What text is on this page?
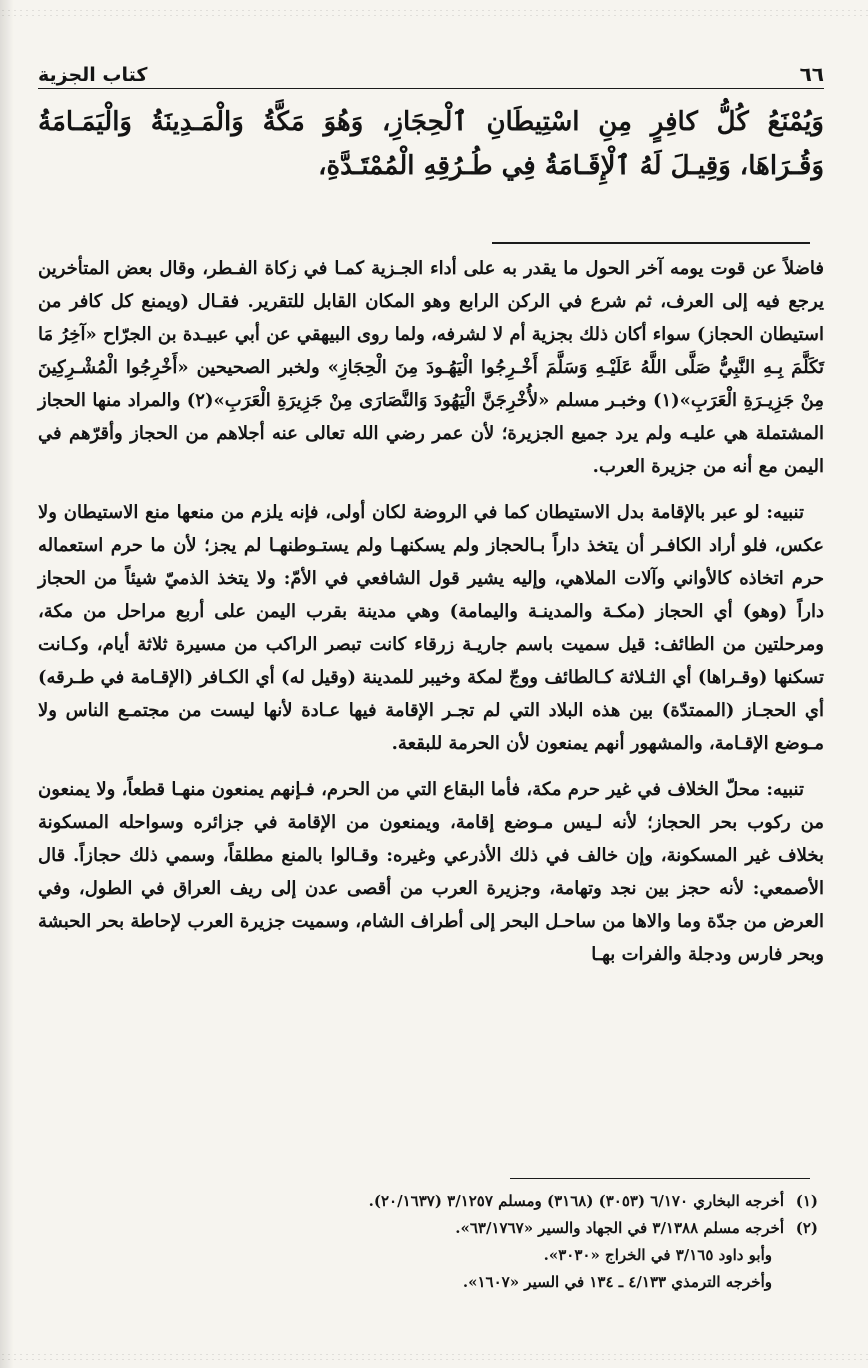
٦٦
كتاب الجزية
وَيُمْنَعُ كُلُّ كافِرٍ مِنِ اسْتِيطَانِ ٱلْحِجَازِ، وَهُوَ مَكَّةُ وَالْمَـدِينَةُ وَالْيَمَـامَةُ وَقُـرَاهَا، وَقِيـلَ لَهُ ٱلْإِقَـامَةُ فِي طُـرُقِهِ الْمُمْتَـدَّةِ،

فاضلاً عن قوت يومه آخر الحول ما يقدر به على أداء الجـزية كمـا في زكاة الفـطر، وقال بعض المتأخرين يرجع فيه إلى العرف، ثم شرع في الركن الرابع وهو المكان القابل للتقرير. فقـال (ويمنع كل كافر من استيطان الحجاز) سواء أكان ذلك بجزية أم لا لشرفه، ولما روى البيهقي عن أبي عبيـدة بن الجرّاح «آخِرُ مَا تَكَلَّمَ بِـهِ النَّبِيُّ صَلَّى اللَّهُ عَلَيْـهِ وَسَلَّمَ أَخْـرِجُوا الْيَهُـودَ مِنَ الْحِجَازِ» ولخبر الصحيحين «أَخْرِجُوا الْمُشْـرِكِينَ مِنْ جَزِيـرَةِ الْعَرَبِ»(١) وخبـر مسلم «لأُخْرِجَنَّ الْيَهُودَ وَالنَّصَارَى مِنْ جَزِيرَةِ الْعَرَبِ»(٢) والمراد منها الحجاز المشتملة هي عليـه ولم يرد جميع الجزيرة؛ لأن عمر رضي الله تعالى عنه أجلاهم من الحجاز وأقرّهم في اليمن مع أنه من جزيرة العرب.

تنبيه: لو عبر بالإقامة بدل الاستيطان كما في الروضة لكان أولى، فإنه يلزم من منعها منع الاستيطان ولا عكس، فلو أراد الكافـر أن يتخذ داراً بـالحجاز ولم يسكنهـا ولم يستـوطنهـا لم يجز؛ لأن ما حرم استعماله حرم اتخاذه كالأواني وآلات الملاهي، وإليه يشير قول الشافعي في الأمّ: ولا يتخذ الذميّ شيئاً من الحجاز داراً (وهو) أي الحجاز (مكـة والمدينـة واليمامة) وهي مدينة بقرب اليمن على أربع مراحل من مكة، ومرحلتين من الطائف: قيل سميت باسم جاريـة زرقاء كانت تبصر الراكب من مسيرة ثلاثة أيام، وكـانت تسكنها (وقـراها) أي الثـلاثة كـالطائف ووجّ لمكة وخيبر للمدينة (وقيل له) أي الكـافر (الإقـامة في طـرقه) أي الحجـاز (الممتدّة) بين هذه البلاد التي لم تجـر الإقامة فيها عـادة لأنها ليست من مجتمـع الناس ولا مـوضع الإقـامة، والمشهور أنهم يمنعون لأن الحرمة للبقعة.

تنبيه: محلّ الخلاف في غير حرم مكة، فأما البقاع التي من الحرم، فـإنهم يمنعون منهـا قطعاً، ولا يمنعون من ركوب بحر الحجاز؛ لأنه لـيس مـوضع إقامة، ويمنعون من الإقامة في جزائره وسواحله المسكونة بخلاف غير المسكونة، وإن خالف في ذلك الأذرعي وغيره: وقـالوا بالمنع مطلقاً، وسمي ذلك حجازاً. قال الأصمعي: لأنه حجز بين نجد وتهامة، وجزيرة العرب من أقصى عدن إلى ريف العراق في الطول، وفي العرض من جدّة وما والاها من ساحـل البحر إلى أطراف الشام، وسميت جزيرة العرب لإحاطة بحر الحبشة وبحر فارس ودجلة والفرات بهـا

(١)
أخرجه البخاري ٦/١٧٠ (٣٠٥٣) (٣١٦٨) ومسلم ٣/١٢٥٧ (٢٠/١٦٣٧).
(٢)
أخرجه مسلم ٣/١٣٨٨ في الجهاد والسير «٦٣/١٧٦٧».
وأبو داود ٣/١٦٥ في الخراج «٣٠٣٠».
وأخرجه الترمذي ٤/١٣٣ ـ ١٣٤ في السير «١٦٠٧».
